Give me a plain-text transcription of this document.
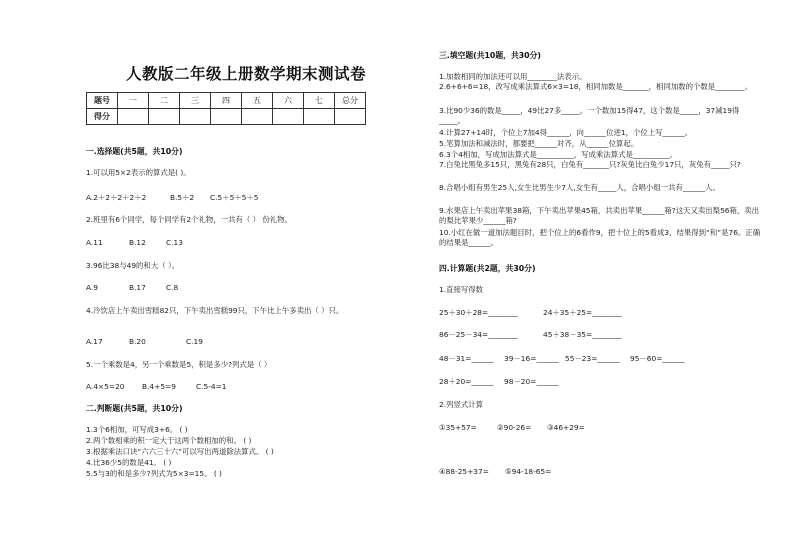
人教版二年级上册数学期末测试卷
题号	一	二	三	四	五	六	七	总分
得分								
一.选择题(共5题，共10分)
1.可以用5×2表示的算式是( )。
A.2＋2＋2＋2＋2	B.5＋2 C.5＋5＋5＋5
2.班里有6个同学，每个同学有2个礼物，一共有（ ） 份礼物。
A.11	B.12	C.13
3.96比38与49的和大（ ）。
A.9	B.17	C.8
4.冷饮店上午卖出雪糕82只，下午卖出雪糕99只，下午比上午多卖出（ ）只。
A.17	B.20	C.19
5.一个乘数是4，另一个乘数是5，积是多少?列式是（ ）
A.4×5=20 B.4+5=9	C.5-4=1
二.判断题(共5题，共10分)
1.3个6相加，可写成3+6。 ( )
2.两个数相乘的积一定大于这两个数相加的和。 ( )
3.根据乘法口诀“六六三十六”可以写出两道除法算式。 ( )
4.比36少5的数是41。 ( )
5.5与3的和是多少?列式为5×3=15。 ( )
三.填空题(共10题，共30分)
1.加数相同的加法还可以用________法表示。
2.6+6+6=18，改写成乘法算式6×3=18，相同加数是_______，相同加数的个数是________。
3.比90少36的数是_____，49比27多_____。一个数加15得47，这个数是_____，37减19得_____。
4.计算27+14时，个位上7加4得______，向______位进1，个位上写______。
5.笔算加法和减法时，都要把______对齐，从______位算起。
6.3个4相加，写成加法算式是__________，写成乘法算式是__________。
7.白兔比黑兔多15只，黑兔有28只，白兔有_______只?灰兔比白兔少17只，灰兔有_____只?
8.合唱小组有男生25人,女生比男生少7人,女生有_____人，合唱小组一共有______人。
9.水果店上午卖出苹果38箱，下午卖出苹果45箱，共卖出苹果______箱?这天又卖出梨56箱，卖出的梨比苹果少______箱?
10.小红在做一道加法题目时，把个位上的6看作9，把十位上的5看成3，结果得到“和”是76。正确的结果是______。
四.计算题(共2题，共30分)
1.直接写得数
25＋30＋28=________	24＋35＋25=________
86－25－34=________	45＋38－35=________
48－31=______ 39－16=______ 55－23=______ 95－60=______
28＋20=______ 98－20=______
2.列竖式计算
①35+57=	②90-26= ③46+29=
④88-25+37= ⑤94-18-65=
